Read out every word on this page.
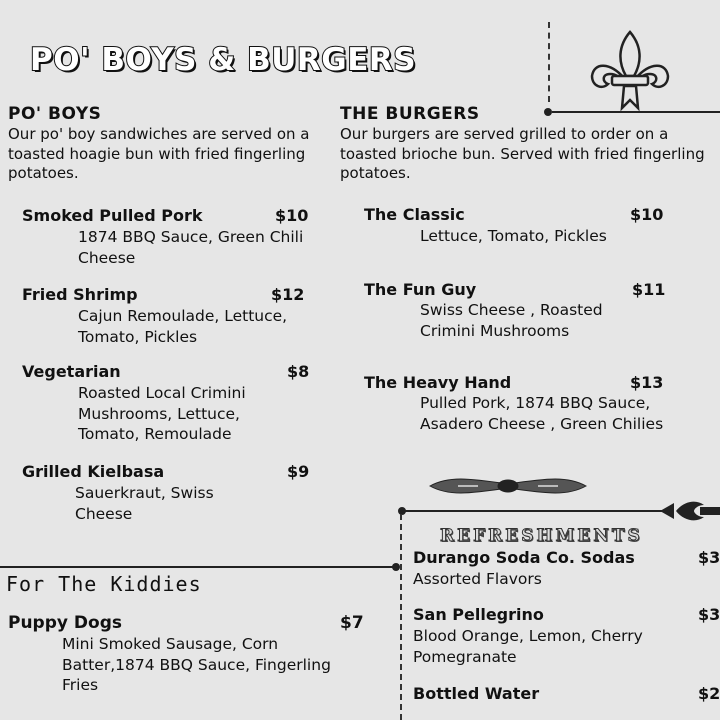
PO' BOYS & BURGERS
PO' BOYS
Our po' boy sandwiches are served on a toasted hoagie bun with fried fingerling potatoes.
Smoked Pulled Pork	$10
1874 BBQ Sauce, Green Chili Cheese
Fried Shrimp	$12
Cajun Remoulade, Lettuce, Tomato, Pickles
Vegetarian	$8
Roasted Local Crimini Mushrooms, Lettuce, Tomato, Remoulade
Grilled Kielbasa	$9
Sauerkraut, Swiss Cheese
THE BURGERS
Our burgers are served grilled to order on a toasted brioche bun. Served with fried fingerling potatoes.
The Classic	$10
Lettuce, Tomato, Pickles
The Fun Guy	$11
Swiss Cheese , Roasted Crimini Mushrooms
The Heavy Hand	$13
Pulled Pork, 1874 BBQ Sauce, Asadero Cheese , Green Chilies
For The Kiddies
Puppy Dogs	$7
Mini Smoked Sausage, Corn Batter,1874 BBQ Sauce, Fingerling Fries
REFRESHMENTS
Durango Soda Co. Sodas	$3
Assorted Flavors
San Pellegrino	$3
Blood Orange, Lemon, Cherry Pomegranate
Bottled Water	$2
